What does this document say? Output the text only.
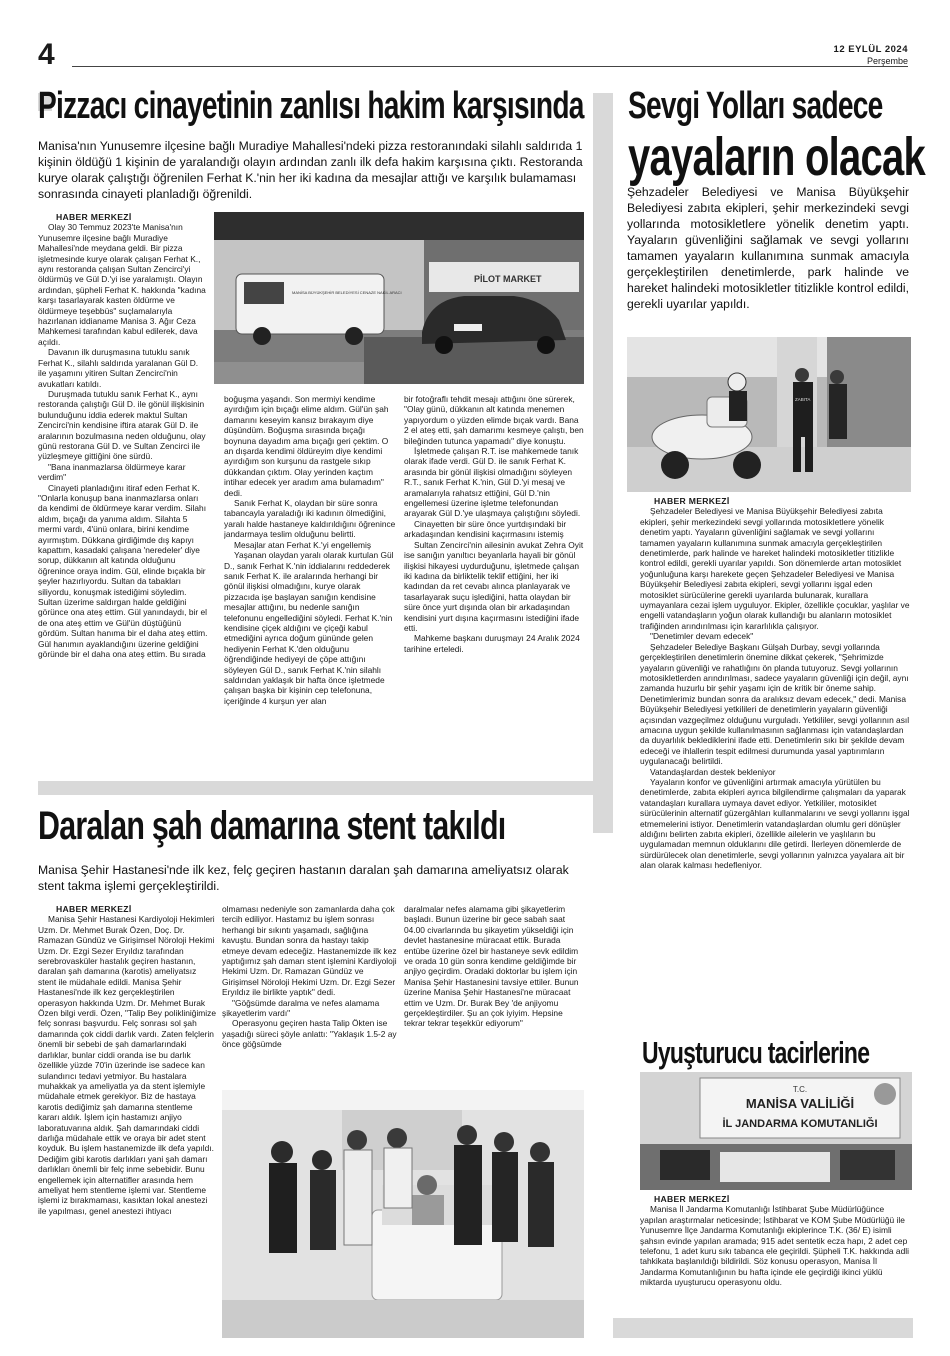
4	12 EYLÜL 2024
Perşembe
Pizzacı cinayetinin zanlısı hakim karşısında
Manisa'nın Yunusemre ilçesine bağlı Muradiye Mahallesi'ndeki pizza restoranındaki silahlı saldırıda 1 kişinin öldüğü 1 kişinin de yaralandığı olayın ardından zanlı ilk defa hakim karşısına çıktı. Restoranda kurye olarak çalıştığı öğrenilen Ferhat K.'nin her iki kadına da mesajlar attığı ve karşılık bulamaması sonrasında cinayeti planladığı öğrenildi.
HABER MERKEZİ

Olay 30 Temmuz 2023'te Manisa'nın Yunusemre ilçesine bağlı Muradiye Mahallesi'nde meydana geldi. Bir pizza işletmesinde kurye olarak çalışan Ferhat K., aynı restoranda çalışan Sultan Zencirci'yi öldürmüş ve Gül D.'yi ise yaralamıştı. Olayın ardından, şüpheli Ferhat K. hakkında "kadına karşı tasarlayarak kasten öldürme ve öldürmeye teşebbüs" suçlamalarıyla hazırlanan iddianame Manisa 3. Ağır Ceza Mahkemesi tarafından kabul edilerek, dava açıldı.

Davanın ilk duruşmasına tutuklu sanık Ferhat K., silahlı saldırıda yaralanan Gül D. ile yaşamını yitiren Sultan Zencirci'nin avukatları katıldı.

Duruşmada tutuklu sanık Ferhat K., aynı restoranda çalıştığı Gül D. ile gönül ilişkisinin bulunduğunu iddia ederek maktul Sultan Zencirci'nin kendisine iftira atarak Gül D. ile aralarının bozulmasına neden olduğunu, olay günü restorana Gül D. ve Sultan Zencirci ile yüzleşmeye gittiğini öne sürdü.

"Bana inanmazlarsa öldürmeye karar verdim"

Cinayeti planladığını itiraf eden Ferhat K. "Onlarla konuşup bana inanmazlarsa onları da kendimi de öldürmeye karar verdim. Silahı aldım, bıçağı da yanıma aldım. Silahta 5 mermi vardı, 4'ünü onlara, birini kendime ayırmıştım. Dükkana girdiğimde dış kapıyı kapattım, kasadaki çalışana 'neredeler' diye sorup, dükkanın alt katında olduğunu öğrenince oraya indim. Gül, elinde bıçakla bir şeyler hazırlıyordu. Sultan da tabakları siliyordu, konuşmak istediğimi söyledim. Sultan üzerime saldırgan halde geldiğini görünce ona ateş ettim. Gül yanındaydı, bir el de ona ateş ettim ve Gül'ün düştüğünü gördüm. Sultan hanıma bir el daha ateş ettim. Gül hanımın ayaklandığını üzerine geldiğini göründe bir el daha ona ateş ettim. Bu sırada

PİLOT MARKET
MANİSA BÜYÜKŞEHİR BELEDİYESİ CENAZE NAKİL ARACI

boğuşma yaşandı. Son mermiyi kendime ayırdığım için bıçağı elime aldım. Gül'ün şah damarını keseyim kansız bırakayım diye düşündüm. Boğuşma sırasında bıçağı boynuna dayadım ama bıçağı geri çektim. O an dışarda kendimi öldüreyim diye kendimi ayırdığım son kurşunu da rastgele sıkıp dükkandan çıktım. Olay yerinden kaçtım intihar edecek yer aradım ama bulamadım" dedi.

Sanık Ferhat K, olaydan bir süre sonra tabancayla yaraladığı iki kadının ölmediğini, yaralı halde hastaneye kaldırıldığını öğrenince jandarmaya teslim olduğunu belirtti.

Mesajlar atan Ferhat K.'yi engellemiş

Yaşanan olaydan yaralı olarak kurtulan Gül D., sanık Ferhat K.'nin iddialarını reddederek sanık Ferhat K. ile aralarında herhangi bir gönül ilişkisi olmadığını, kurye olarak pizzacıda işe başlayan sanığın kendisine mesajlar attığını, bu nedenle sanığın telefonunu engellediğini söyledi. Ferhat K.'nin kendisine çiçek aldığını ve çiçeği kabul etmediğini ayrıca doğum gününde gelen hediyenin Ferhat K.'den olduğunu öğrendiğinde hediyeyi de çöpe attığını söyleyen Gül D., sanık Ferhat K.'nin silahlı saldırıdan yaklaşık bir hafta önce işletmede çalışan başka bir kişinin cep telefonuna, içeriğinde 4 kurşun yer alan

bir fotoğraflı tehdit mesajı attığını öne sürerek, "Olay günü, dükkanın alt katında menemen yapıyordum o yüzden elimde bıçak vardı. Bana 2 el ateş etti, şah damarımı kesmeye çalıştı, ben bileğinden tutunca yapamadı" diye konuştu.

İşletmede çalışan R.T. ise mahkemede tanık olarak ifade verdi. Gül D. ile sanık Ferhat K. arasında bir gönül ilişkisi olmadığını söyleyen R.T., sanık Ferhat K.'nin, Gül D.'yi mesaj ve aramalarıyla rahatsız ettiğini, Gül D.'nin engellemesi üzerine işletme telefonundan arayarak Gül D.'ye ulaşmaya çalıştığını söyledi.

Cinayetten bir süre önce yurtdışındaki bir arkadaşından kendisini kaçırmasını istemiş

Sultan Zencirci'nin ailesinin avukat Zehra Oyit ise sanığın yanıltıcı beyanlarla hayali bir gönül ilişkisi hikayesi uydurduğunu, işletmede çalışan iki kadına da birliktelik teklif ettiğini, her iki kadından da ret cevabı alınca planlayarak ve tasarlayarak suçu işlediğini, hatta olaydan bir süre önce yurt dışında olan bir arkadaşından kendisini yurt dışına kaçırmasını istediğini ifade etti.

Mahkeme başkanı duruşmayı 24 Aralık 2024 tarihine erteledi.

Sevgi Yolları sadece
yayaların olacak
Şehzadeler Belediyesi ve Manisa Büyükşehir Belediyesi zabıta ekipleri, şehir merkezindeki sevgi yollarında motosikletlere yönelik denetim yaptı. Yayaların güvenliğini sağlamak ve sevgi yollarını tamamen yayaların kullanımına sunmak amacıyla gerçekleştirilen denetimlerde, park halinde ve hareket halindeki motosikletler titizlikle kontrol edildi, gerekli uyarılar yapıldı.
ZABITA
HABER MERKEZİ

Şehzadeler Belediyesi ve Manisa Büyükşehir Belediyesi zabıta ekipleri, şehir merkezindeki sevgi yollarında motosikletlere yönelik denetim yaptı. Yayaların güvenliğini sağlamak ve sevgi yollarını tamamen yayaların kullanımına sunmak amacıyla gerçekleştirilen denetimlerde, park halinde ve hareket halindeki motosikletler titizlikle kontrol edildi, gerekli uyarılar yapıldı. Son dönemlerde artan motosiklet yoğunluğuna karşı harekete geçen Şehzadeler Belediyesi ve Manisa Büyükşehir Belediyesi zabıta ekipleri, sevgi yollarını işgal eden motosiklet sürücülerine gerekli uyarılarda bulunarak, kurallara uymayanlara cezai işlem uyguluyor. Ekipler, özellikle çocuklar, yaşlılar ve engelli vatandaşların yoğun olarak kullandığı bu alanların motosiklet trafiğinden arındırılması için kararlılıkla çalışıyor.

"Denetimler devam edecek"

Şehzadeler Belediye Başkanı Gülşah Durbay, sevgi yollarında gerçekleştirilen denetimlerin önemine dikkat çekerek, "Şehrimizde yayaların güvenliği ve rahatlığını ön planda tutuyoruz. Sevgi yollarının motosikletlerden arındırılması, sadece yayaların güvenliği için değil, aynı zamanda huzurlu bir şehir yaşamı için de kritik bir öneme sahip. Denetimlerimiz bundan sonra da aralıksız devam edecek," dedi. Manisa Büyükşehir Belediyesi yetkilileri de denetimlerin yayaların güvenliği açısından vazgeçilmez olduğunu vurguladı. Yetkililer, sevgi yollarının asıl amacına uygun şekilde kullanılmasının sağlanması için vatandaşlardan da duyarlılık beklediklerini ifade etti. Denetimlerin sıkı bir şekilde devam edeceği ve ihlallerin tespit edilmesi durumunda yasal yaptırımların uygulanacağı belirtildi.

Vatandaşlardan destek bekleniyor

Yayaların konfor ve güvenliğini artırmak amacıyla yürütülen bu denetimlerde, zabıta ekipleri ayrıca bilgilendirme çalışmaları da yaparak vatandaşları kurallara uymaya davet ediyor. Yetkililer, motosiklet sürücülerinin alternatif güzergâhları kullanmalarını ve sevgi yollarını işgal etmemelerini istiyor. Denetimlerin vatandaşlardan olumlu geri dönüşler aldığını belirten zabıta ekipleri, özellikle ailelerin ve yaşlıların bu uygulamadan memnun olduklarını dile getirdi. İlerleyen dönemlerde de sürdürülecek olan denetimlerle, sevgi yollarının yalnızca yayalara ait bir alan olarak kalması hedefleniyor.

Daralan şah damarına stent takıldı
Manisa Şehir Hastanesi'nde ilk kez, felç geçiren hastanın daralan şah damarına ameliyatsız olarak stent takma işlemi gerçekleştirildi.
HABER MERKEZİ

Manisa Şehir Hastanesi Kardiyoloji Hekimleri Uzm. Dr. Mehmet Burak Özen, Doç. Dr. Ramazan Gündüz ve Girişimsel Nöroloji Hekimi Uzm. Dr. Ezgi Sezer Eryıldız tarafından serebrovasküler hastalık geçiren hastanın, daralan şah damarına (karotis) ameliyatsız stent ile müdahale edildi. Manisa Şehir Hastanesi'nde ilk kez gerçekleştirilen operasyon hakkında Uzm. Dr. Mehmet Burak Özen bilgi verdi. Özen, "Talip Bey polikliniğimize felç sonrası başvurdu. Felç sonrası sol şah damarında çok ciddi darlık vardı. Zaten felçlerin önemli bir sebebi de şah damarlarındaki darlıklar, bunlar ciddi oranda ise bu darlık özellikle yüzde 70'in üzerinde ise sadece kan sulandırıcı tedavi yetmiyor. Bu hastalara muhakkak ya ameliyatla ya da stent işlemiyle müdahale etmek gerekiyor. Biz de hastaya karotis dediğimiz şah damarına stentleme kararı aldık. İşlem için hastamızı anjiyo laboratuvarına aldık. Şah damarındaki ciddi darlığa müdahale ettik ve oraya bir adet stent koyduk. Bu işlem hastanemizde ilk defa yapıldı. Dediğim gibi karotis darlıkları yani şah damarı darlıkları önemli bir felç inme sebebidir. Bunu engellemek için alternatifler arasında hem ameliyat hem stentleme işlemi var. Stentleme işlemi iz bırakmaması, kasıktan lokal anestezi ile yapılması, genel anestezi ihtiyacı

olmaması nedeniyle son zamanlarda daha çok tercih ediliyor. Hastamız bu işlem sonrası herhangi bir sıkıntı yaşamadı, sağlığına kavuştu. Bundan sonra da hastayı takip etmeye devam edeceğiz. Hastanemizde ilk kez yaptığımız şah damarı stent işlemini Kardiyoloji Hekimi Uzm. Dr. Ramazan Gündüz ve Girişimsel Nöroloji Hekimi Uzm. Dr. Ezgi Sezer Eryıldız ile birlikte yaptık" dedi.

"Göğsümde daralma ve nefes alamama şikayetlerim vardı"

Operasyonu geçiren hasta Talip Ökten ise yaşadığı süreci şöyle anlattı: "Yaklaşık 1.5-2 ay önce göğsümde

daralmalar nefes alamama gibi şikayetlerim başladı. Bunun üzerine bir gece sabah saat 04.00 civarlarında bu şikayetim yükseldiği için devlet hastanesine müracaat ettik. Burada entübe üzerine özel bir hastaneye sevk edildim ve orada 10 gün sonra kendime geldiğimde bir anjiyo geçirdim. Oradaki doktorlar bu işlem için Manisa Şehir Hastanesini tavsiye ettiler. Bunun üzerine Manisa Şehir Hastanesi'ne müracaat ettim ve Uzm. Dr. Burak Bey 'de anjiyomu gerçekleştirdiler. Şu an çok iyiyim. Hepsine tekrar tekrar teşekkür ediyorum"

Uyuşturucu tacirlerine
T.C.
MANİSA VALİLİĞİ
İL JANDARMA KOMUTANLIĞI
HABER MERKEZİ

Manisa İl Jandarma Komutanlığı İstihbarat Şube Müdürlüğünce yapılan araştırmalar neticesinde; İstihbarat ve KOM Şube Müdürlüğü ile Yunusemre İlçe Jandarma Komutanlığı ekiplerince T.K. (36/ E) isimli şahsın evinde yapılan aramada; 915 adet sentetik ecza hapı, 2 adet cep telefonu, 1 adet kuru sıkı tabanca ele geçirildi. Şüpheli T.K. hakkında adli tahkikata başlanıldığı bildirildi. Söz konusu operasyon, Manisa İl Jandarma Komutanlığının bu hafta içinde ele geçirdiği ikinci yüklü miktarda uyuşturucu operasyonu oldu.
